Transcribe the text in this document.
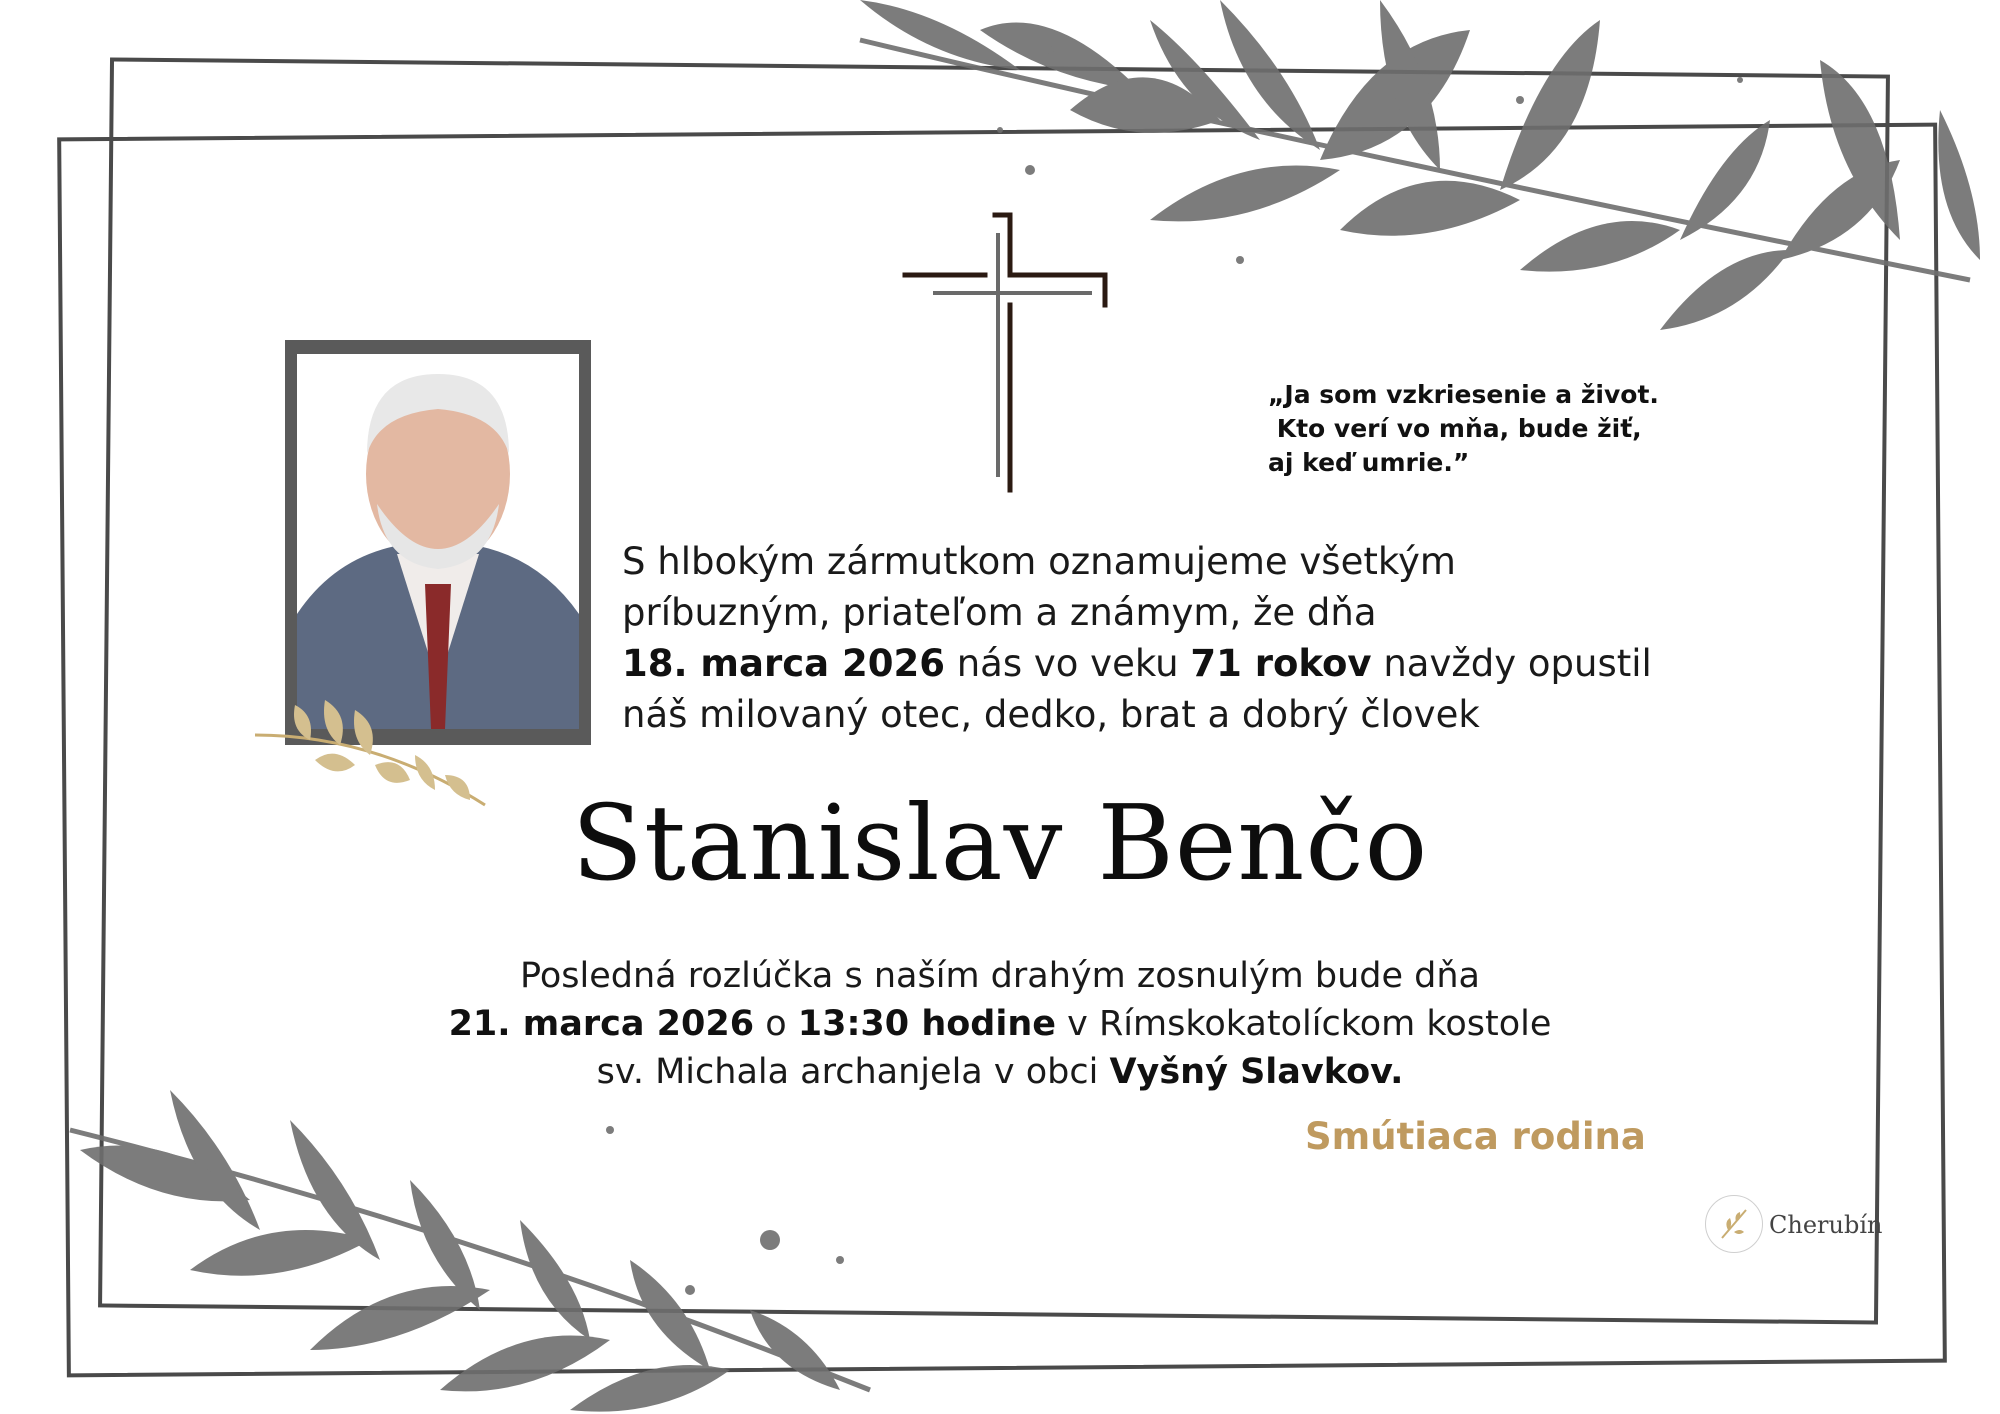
„Ja som vzkriesenie a život.
Kto verí vo mňa, bude žiť,
aj keď umrie.”
S hlbokým zármutkom oznamujeme všetkým
príbuzným, priateľom a známym, že dňa
18. marca 2026 nás vo veku 71 rokov navždy opustil
náš milovaný otec, dedko, brat a dobrý človek
Stanislav Benčo
Posledná rozlúčka s naším drahým zosnulým bude dňa
21. marca 2026 o 13:30 hodine v Rímskokatolíckom kostole
sv. Michala archanjela v obci Vyšný Slavkov.
Smútiaca rodina
Cherubín
